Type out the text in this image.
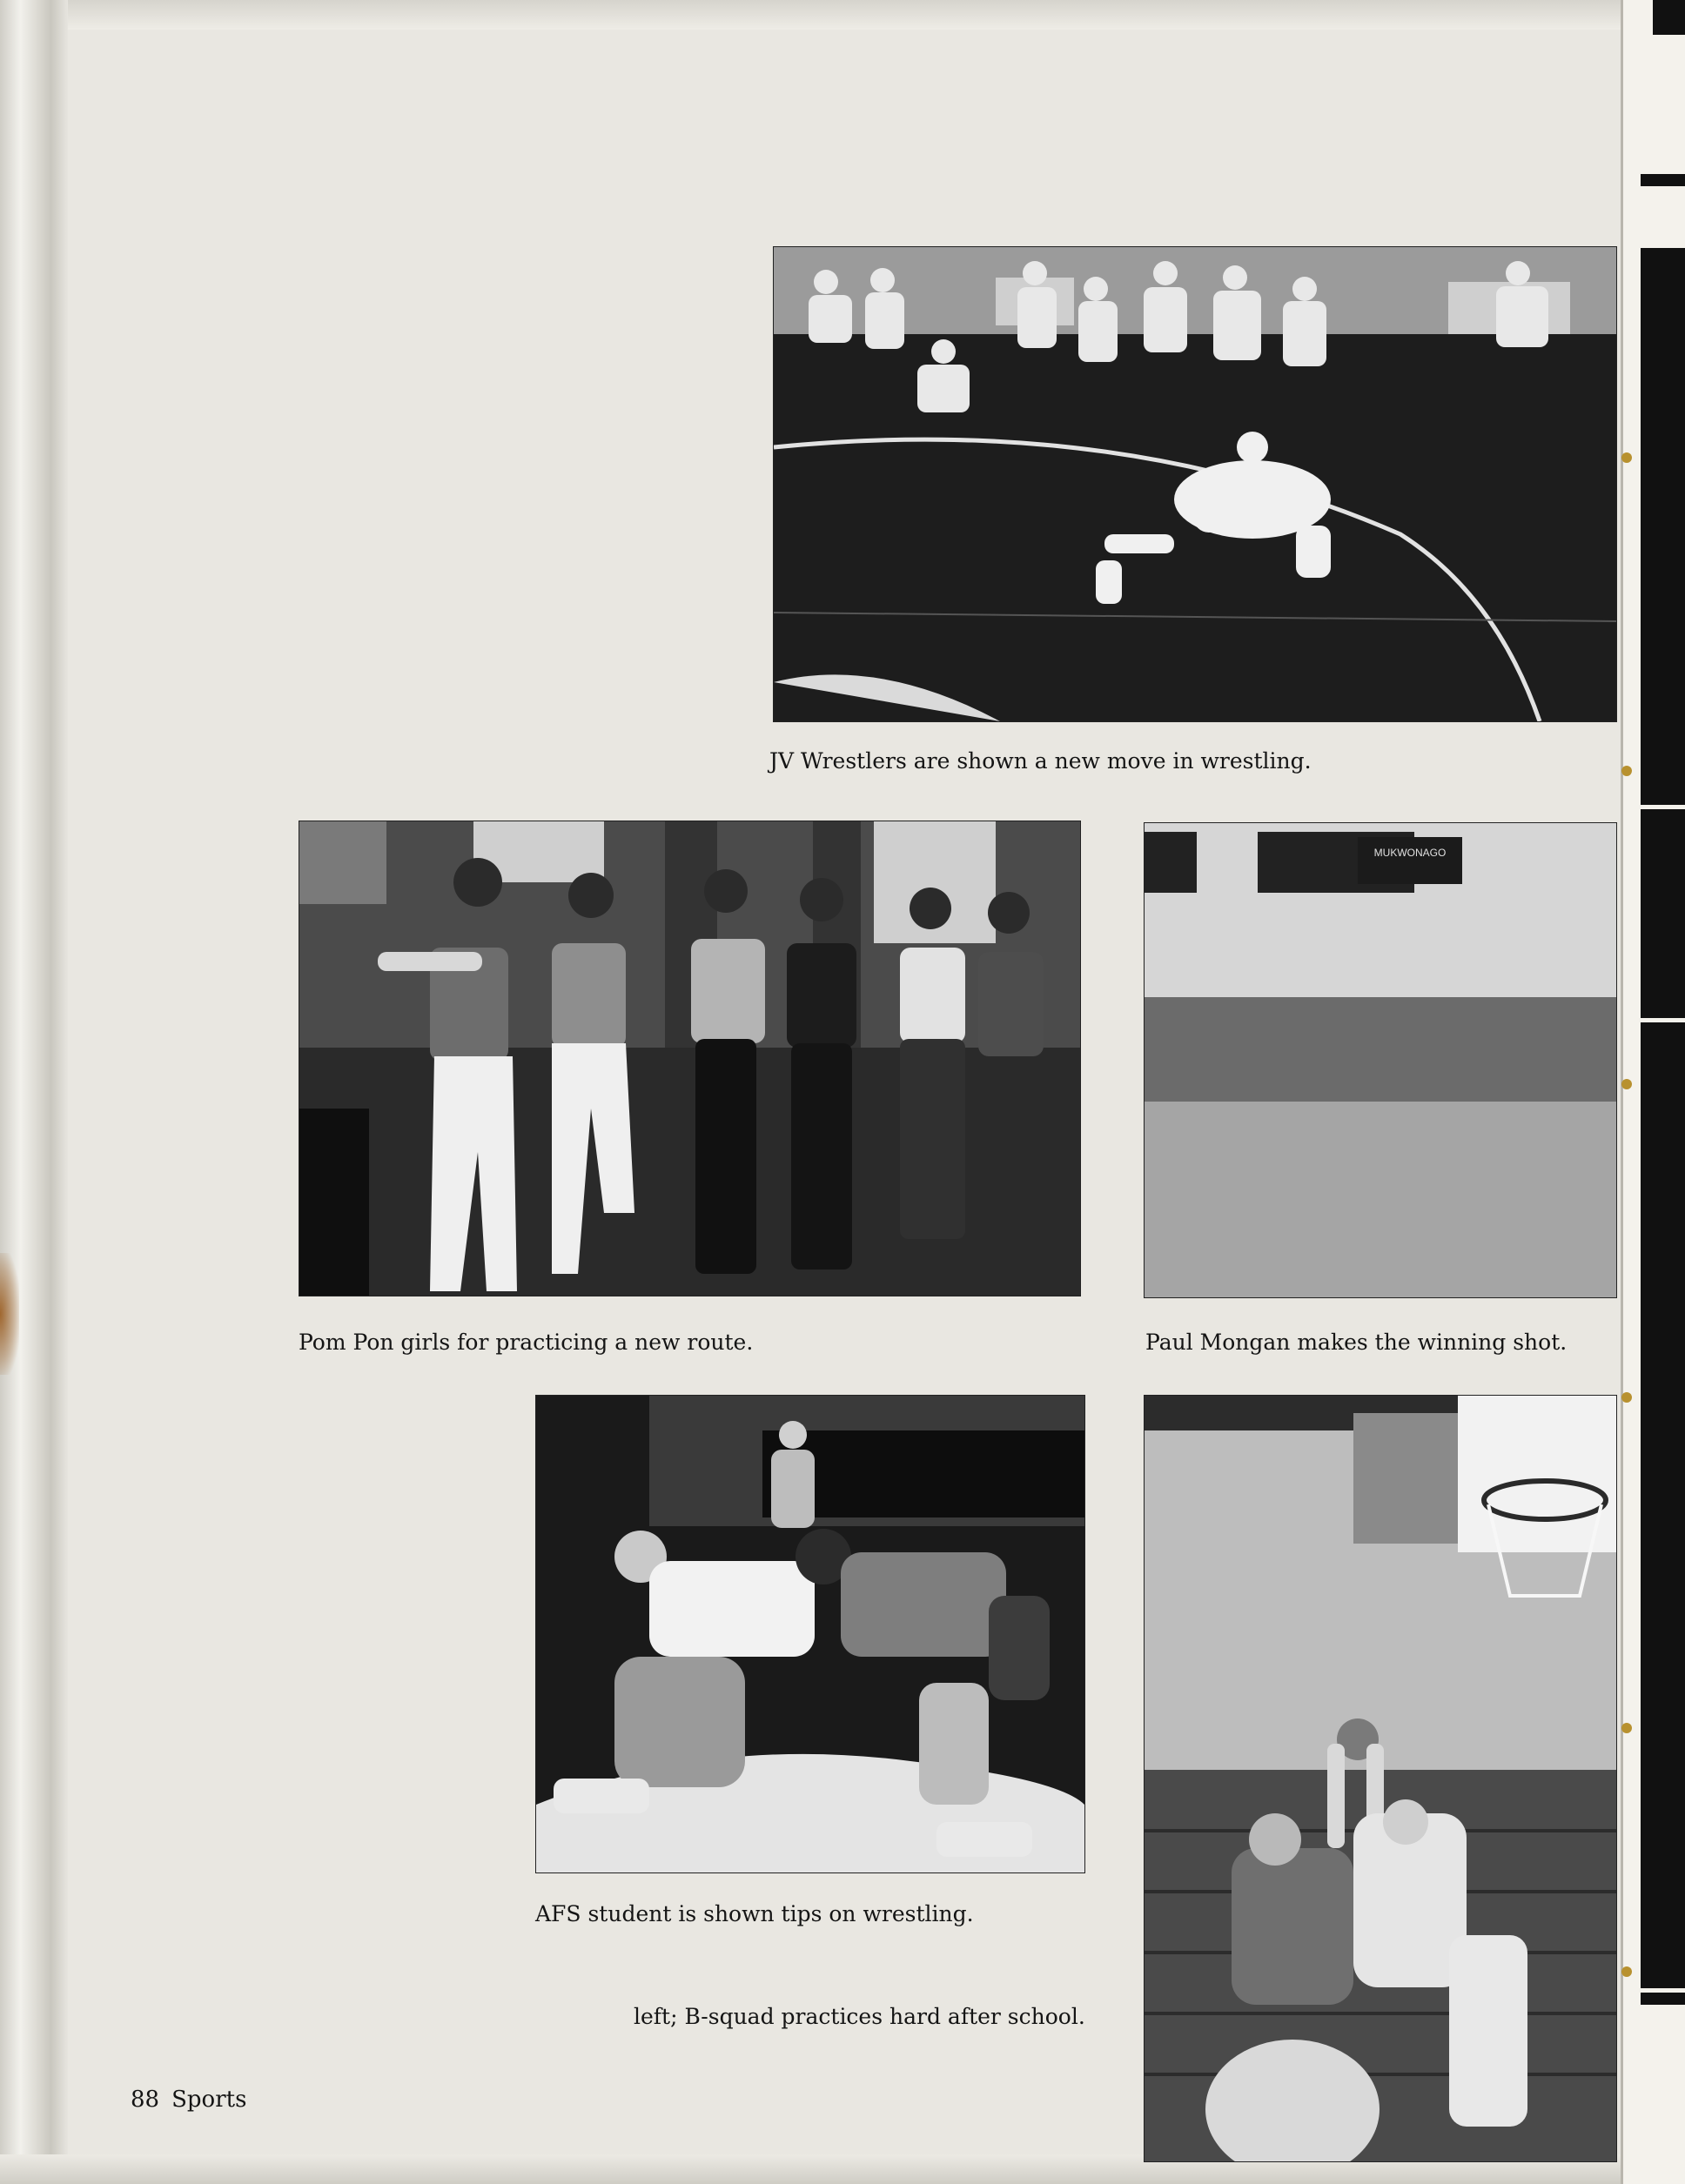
JV Wrestlers are shown a new move in wrestling.

Pom Pon girls for practicing a new route.

MUKWONAGO

Paul Mongan makes the winning shot.

AFS student is shown tips on wrestling.

left; B-squad practices hard after school.

88 Sports
